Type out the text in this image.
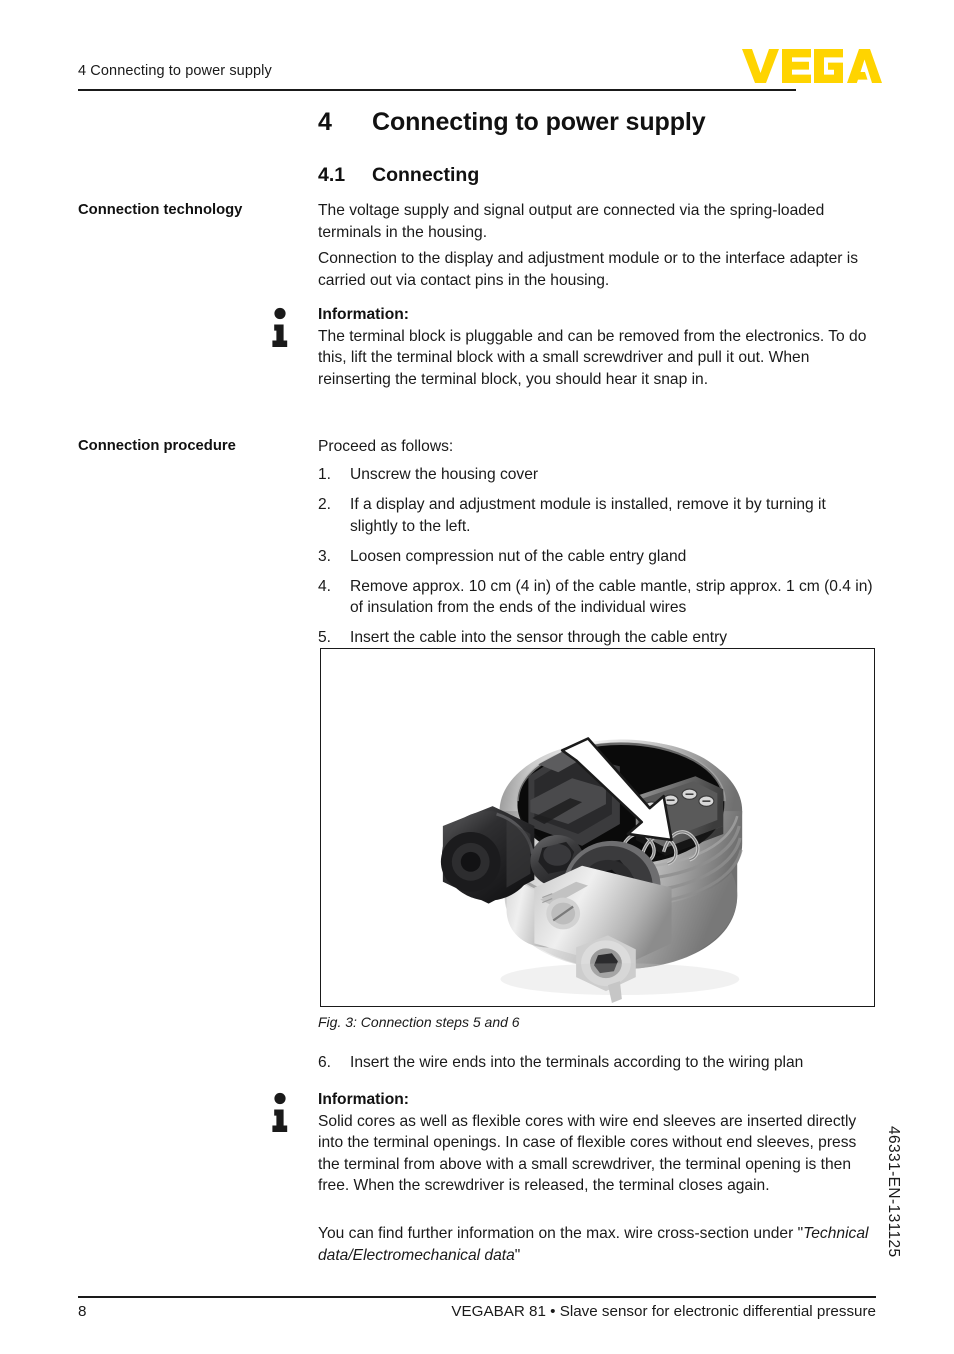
4 Connecting to power supply
4 Connecting to power supply
4.1 Connecting
Connection technology	The voltage supply and signal output are connected via the spring-loaded terminals in the housing.

Connection to the display and adjustment module or to the interface adapter is carried out via contact pins in the housing.

Information:

The terminal block is pluggable and can be removed from the electronics. To do this, lift the terminal block with a small screwdriver and pull it out. When reinserting the terminal block, you should hear it snap in.

Connection procedure	Proceed as follows:

1.	Unscrew the housing cover
2.	If a display and adjustment module is installed, remove it by turning it slightly to the left.
3.	Loosen compression nut of the cable entry gland
4.	Remove approx. 10 cm (4 in) of the cable mantle, strip approx. 1 cm (0.4 in) of insulation from the ends of the individual wires
5.	Insert the cable into the sensor through the cable entry
Fig. 3: Connection steps 5 and 6
6.	Insert the wire ends into the terminals according to the wiring plan

Information:

Solid cores as well as flexible cores with wire end sleeves are inserted directly into the terminal openings. In case of flexible cores without end sleeves, press the terminal from above with a small screwdriver, the terminal opening is then free. When the screwdriver is released, the terminal closes again.

You can find further information on the max. wire cross-section under "Technical data/Electromechanical data"	46331-EN-131125
8	VEGABAR 81 • Slave sensor for electronic differential pressure
